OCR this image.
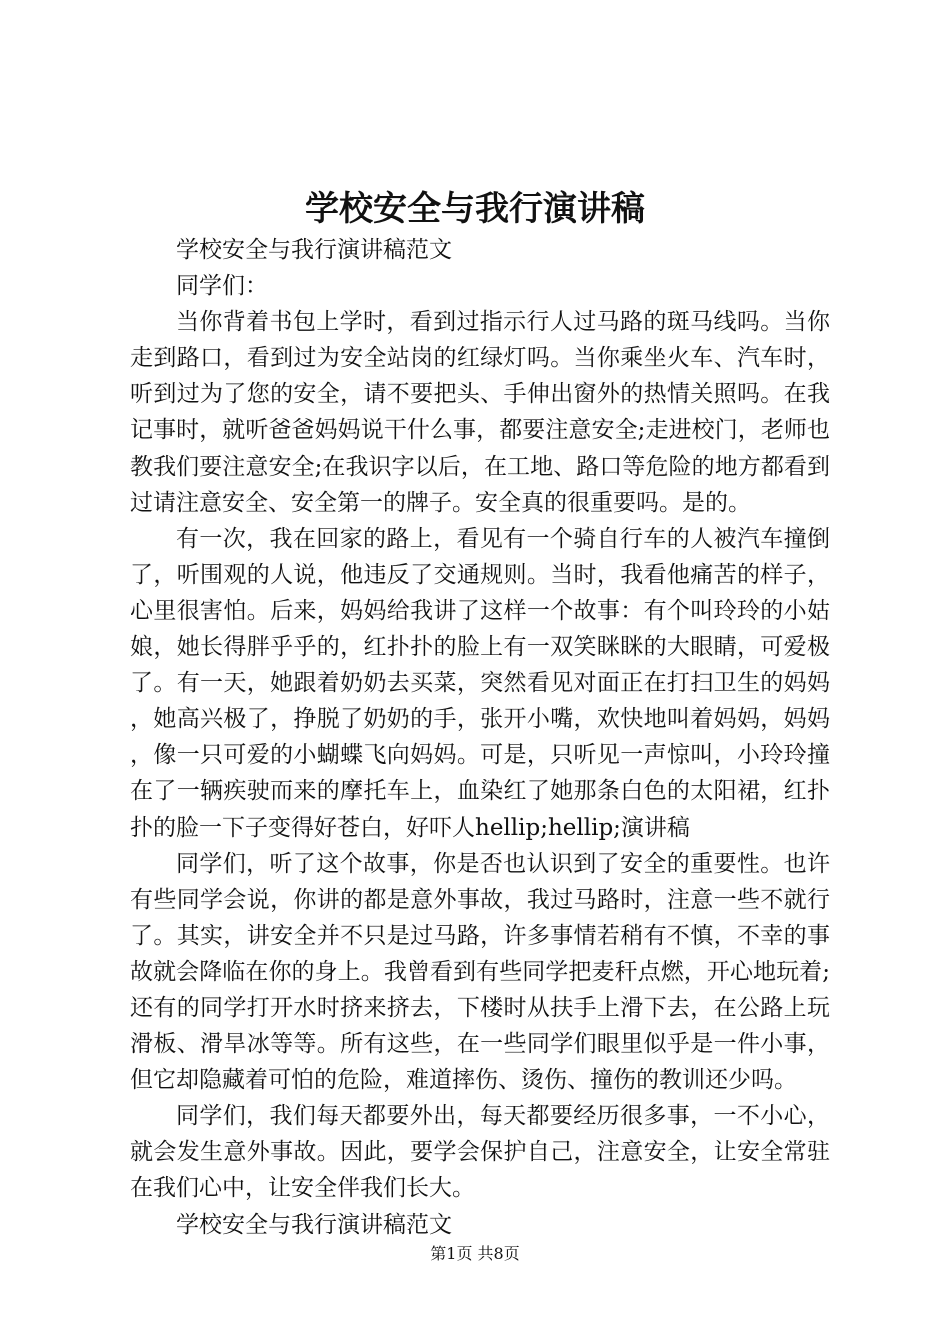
学校安全与我行演讲稿

学校安全与我行演讲稿范文

同学们：

当你背着书包上学时，看到过指示行人过马路的斑马线吗。当你走到路口，看到过为安全站岗的红绿灯吗。当你乘坐火车、汽车时，听到过为了您的安全，请不要把头、手伸出窗外的热情关照吗。在我记事时，就听爸爸妈妈说干什么事，都要注意安全;走进校门，老师也教我们要注意安全;在我识字以后，在工地、路口等危险的地方都看到过请注意安全、安全第一的牌子。安全真的很重要吗。是的。

有一次，我在回家的路上，看见有一个骑自行车的人被汽车撞倒了，听围观的人说，他违反了交通规则。当时，我看他痛苦的样子，心里很害怕。后来，妈妈给我讲了这样一个故事：有个叫玲玲的小姑娘，她长得胖乎乎的，红扑扑的脸上有一双笑眯眯的大眼睛，可爱极了。有一天，她跟着奶奶去买菜，突然看见对面正在打扫卫生的妈妈，她高兴极了，挣脱了奶奶的手，张开小嘴，欢快地叫着妈妈，妈妈，像一只可爱的小蝴蝶飞向妈妈。可是，只听见一声惊叫，小玲玲撞在了一辆疾驶而来的摩托车上，血染红了她那条白色的太阳裙，红扑扑的脸一下子变得好苍白，好吓人hellip;hellip;演讲稿

同学们，听了这个故事，你是否也认识到了安全的重要性。也许有些同学会说，你讲的都是意外事故，我过马路时，注意一些不就行了。其实，讲安全并不只是过马路，许多事情若稍有不慎，不幸的事故就会降临在你的身上。我曾看到有些同学把麦秆点燃，开心地玩着;还有的同学打开水时挤来挤去，下楼时从扶手上滑下去，在公路上玩滑板、滑旱冰等等。所有这些，在一些同学们眼里似乎是一件小事，但它却隐藏着可怕的危险，难道摔伤、烫伤、撞伤的教训还少吗。

同学们，我们每天都要外出，每天都要经历很多事，一不小心，就会发生意外事故。因此，要学会保护自己，注意安全，让安全常驻在我们心中，让安全伴我们长大。

学校安全与我行演讲稿范文

第1页 共8页
